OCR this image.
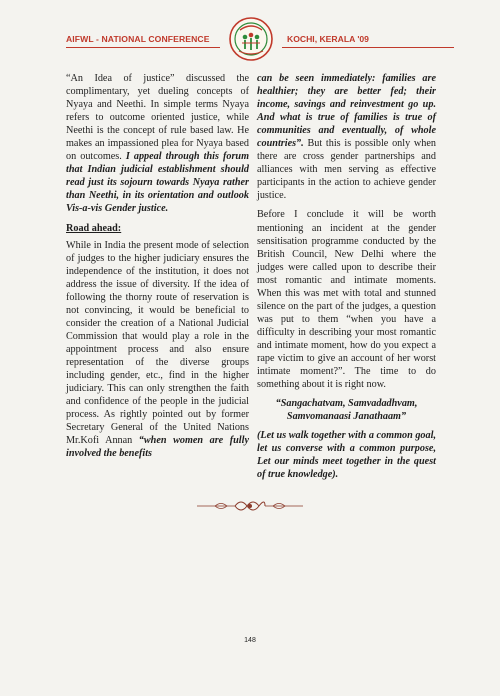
AIFWL - NATIONAL CONFERENCE	KOCHI, KERALA '09

“An Idea of justice” discussed the complimentary, yet dueling concepts of Nyaya and Neethi. In simple terms Nyaya refers to outcome oriented justice, while Neethi is the concept of rule based law. He makes an impassioned plea for Nyaya based on outcomes. I appeal through this forum that Indian judicial establishment should read just its sojourn towards Nyaya rather than Neethi, in its orientation and outlook Vis-a-vis Gender justice.

Road ahead:

While in India the present mode of selection of judges to the higher judiciary ensures the independence of the institution, it does not address the issue of diversity. If the idea of following the thorny route of reservation is not convincing, it would be beneficial to consider the creation of a National Judicial Commission that would play a role in the appointment process and also ensure representation of the diverse groups including gender, etc., find in the higher judiciary. This can only strengthen the faith and confidence of the people in the judicial process. As rightly pointed out by former Secretary General of the United Nations Mr.Kofi Annan “when women are fully involved the benefits

can be seen immediately: families are healthier; they are better fed; their income, savings and reinvestment go up. And what is true of families is true of communities and eventually, of whole countries”. But this is possible only when there are cross gender partnerships and alliances with men serving as effective participants in the action to achieve gender justice.

Before I conclude it will be worth mentioning an incident at the gender sensitisation programme conducted by the British Council, New Delhi where the judges were called upon to describe their most romantic and intimate moments. When this was met with total and stunned silence on the part of the judges, a question was put to them “when you have a difficulty in describing your most romantic and intimate moment, how do you expect a rape victim to give an account of her worst intimate moment?”. The time to do something about it is right now.

“Sangachatvam, Samvadadhvam, Samvomanaasi Janathaam”

(Let us walk together with a common goal, let us converse with a common purpose, Let our minds meet together in the quest of true knowledge).

148
